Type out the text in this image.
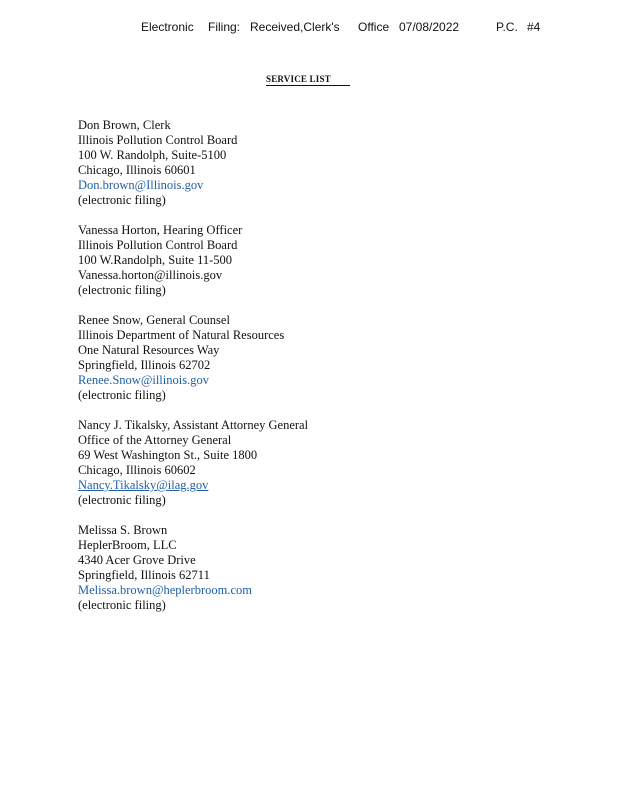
Electronic Filing: Received,Clerk's Office 07/08/2022	P.C. #4
SERVICE LIST
Don Brown, Clerk
Illinois Pollution Control Board
100 W. Randolph, Suite-5100
Chicago, Illinois 60601
Don.brown@Illinois.gov
(electronic filing)
Vanessa Horton, Hearing Officer
Illinois Pollution Control Board
100 W.Randolph, Suite 11-500
Vanessa.horton@illinois.gov
(electronic filing)
Renee Snow, General Counsel
Illinois Department of Natural Resources
One Natural Resources Way
Springfield, Illinois 62702
Renee.Snow@illinois.gov
(electronic filing)
Nancy J. Tikalsky, Assistant Attorney General
Office of the Attorney General
69 West Washington St., Suite 1800
Chicago, Illinois 60602
Nancy.Tikalsky@ilag.gov
(electronic filing)
Melissa S. Brown
HeplerBroom, LLC
4340 Acer Grove Drive
Springfield, Illinois 62711
Melissa.brown@heplerbroom.com
(electronic filing)
